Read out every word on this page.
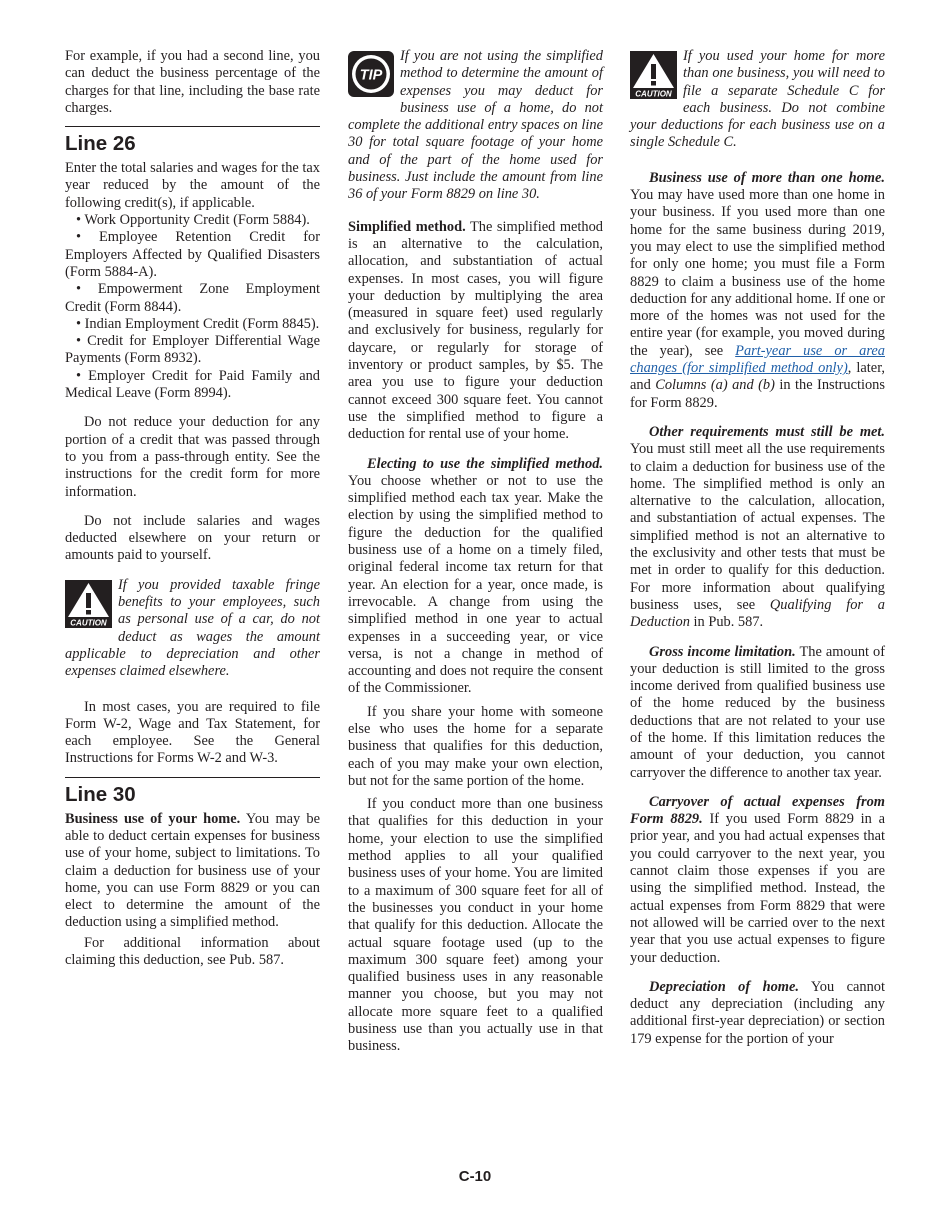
For example, if you had a second line, you can deduct the business percentage of the charges for that line, including the base rate charges.

Line 26

Enter the total salaries and wages for the tax year reduced by the amount of the following credit(s), if applicable.

• Work Opportunity Credit (Form 5884).

• Employee Retention Credit for Employers Affected by Qualified Disasters (Form 5884-A).

• Empowerment Zone Employment Credit (Form 8844).

• Indian Employment Credit (Form 8845).

• Credit for Employer Differential Wage Payments (Form 8932).

• Employer Credit for Paid Family and Medical Leave (Form 8994).

Do not reduce your deduction for any portion of a credit that was passed through to you from a pass-through entity. See the instructions for the credit form for more information.

Do not include salaries and wages deducted elsewhere on your return or amounts paid to yourself.

CAUTION
If you provided taxable fringe benefits to your employees, such as personal use of a car, do not deduct as wages the amount applicable to depreciation and other expenses claimed elsewhere.

In most cases, you are required to file Form W-2, Wage and Tax Statement, for each employee. See the General Instructions for Forms W-2 and W-3.

Line 30

Business use of your home. You may be able to deduct certain expenses for business use of your home, subject to limitations. To claim a deduction for business use of your home, you can use Form 8829 or you can elect to determine the amount of the deduction using a simplified method.

For additional information about claiming this deduction, see Pub. 587.

TIP
If you are not using the simplified method to determine the amount of expenses you may deduct for business use of a home, do not complete the additional entry spaces on line 30 for total square footage of your home and of the part of the home used for business. Just include the amount from line 36 of your Form 8829 on line 30.

Simplified method. The simplified method is an alternative to the calculation, allocation, and substantiation of actual expenses. In most cases, you will figure your deduction by multiplying the area (measured in square feet) used regularly and exclusively for business, regularly for daycare, or regularly for storage of inventory or product samples, by $5. The area you use to figure your deduction cannot exceed 300 square feet. You cannot use the simplified method to figure a deduction for rental use of your home.

Electing to use the simplified method. You choose whether or not to use the simplified method each tax year. Make the election by using the simplified method to figure the deduction for the qualified business use of a home on a timely filed, original federal income tax return for that year. An election for a year, once made, is irrevocable. A change from using the simplified method in one year to actual expenses in a succeeding year, or vice versa, is not a change in method of accounting and does not require the consent of the Commissioner.

If you share your home with someone else who uses the home for a separate business that qualifies for this deduction, each of you may make your own election, but not for the same portion of the home.

If you conduct more than one business that qualifies for this deduction in your home, your election to use the simplified method applies to all your qualified business uses of your home. You are limited to a maximum of 300 square feet for all of the businesses you conduct in your home that qualify for this deduction. Allocate the actual square footage used (up to the maximum 300 square feet) among your qualified business uses in any reasonable manner you choose, but you may not allocate more square feet to a qualified business use than you actually use in that business.

CAUTION
If you used your home for more than one business, you will need to file a separate Schedule C for each business. Do not combine your deductions for each business use on a single Schedule C.

Business use of more than one home. You may have used more than one home in your business. If you used more than one home for the same business during 2019, you may elect to use the simplified method for only one home; you must file a Form 8829 to claim a business use of the home deduction for any additional home. If one or more of the homes was not used for the entire year (for example, you moved during the year), see Part-year use or area changes (for simplified method only), later, and Columns (a) and (b) in the Instructions for Form 8829.

Other requirements must still be met. You must still meet all the use requirements to claim a deduction for business use of the home. The simplified method is only an alternative to the calculation, allocation, and substantiation of actual expenses. The simplified method is not an alternative to the exclusivity and other tests that must be met in order to qualify for this deduction. For more information about qualifying business uses, see Qualifying for a Deduction in Pub. 587.

Gross income limitation. The amount of your deduction is still limited to the gross income derived from qualified business use of the home reduced by the business deductions that are not related to your use of the home. If this limitation reduces the amount of your deduction, you cannot carryover the difference to another tax year.

Carryover of actual expenses from Form 8829. If you used Form 8829 in a prior year, and you had actual expenses that you could carryover to the next year, you cannot claim those expenses if you are using the simplified method. Instead, the actual expenses from Form 8829 that were not allowed will be carried over to the next year that you use actual expenses to figure your deduction.

Depreciation of home. You cannot deduct any depreciation (including any additional first-year depreciation) or section 179 expense for the portion of your

C-10
